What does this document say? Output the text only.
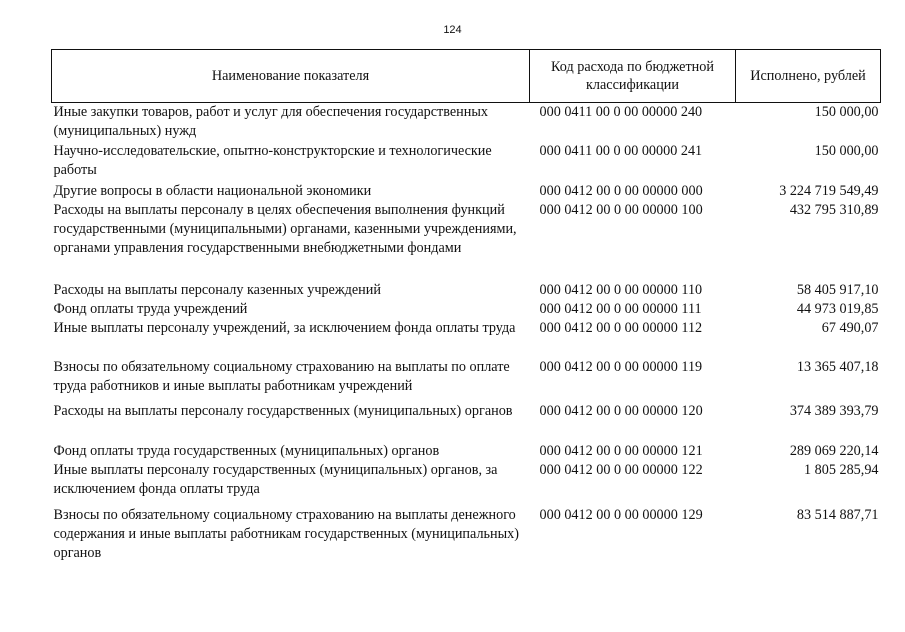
124
Наименование показателя	Код расхода по бюджетной классификации	Исполнено, рублей
Иные закупки товаров, работ и услуг для обеспечения государственных (муниципальных) нужд	000 0411 00 0 00 00000 240	150 000,00
Научно-исследовательские, опытно-конструкторские и технологические работы	000 0411 00 0 00 00000 241	150 000,00
Другие вопросы в области национальной экономики	000 0412 00 0 00 00000 000	3 224 719 549,49
Расходы на выплаты персоналу в целях обеспечения выполнения функций государственными (муниципальными) органами, казенными учреждениями, органами управления государственными внебюджетными фондами	000 0412 00 0 00 00000 100	432 795 310,89
Расходы на выплаты персоналу казенных учреждений	000 0412 00 0 00 00000 110	58 405 917,10
Фонд оплаты труда учреждений	000 0412 00 0 00 00000 111	44 973 019,85
Иные выплаты персоналу учреждений, за исключением фонда оплаты труда	000 0412 00 0 00 00000 112	67 490,07
Взносы по обязательному социальному страхованию на выплаты по оплате труда работников и иные выплаты работникам учреждений	000 0412 00 0 00 00000 119	13 365 407,18
Расходы на выплаты персоналу государственных (муниципальных) органов	000 0412 00 0 00 00000 120	374 389 393,79
Фонд оплаты труда государственных (муниципальных) органов	000 0412 00 0 00 00000 121	289 069 220,14
Иные выплаты персоналу государственных (муниципальных) органов, за исключением фонда оплаты труда	000 0412 00 0 00 00000 122	1 805 285,94
Взносы по обязательному социальному страхованию на выплаты денежного содержания и иные выплаты работникам государственных (муниципальных) органов	000 0412 00 0 00 00000 129	83 514 887,71
